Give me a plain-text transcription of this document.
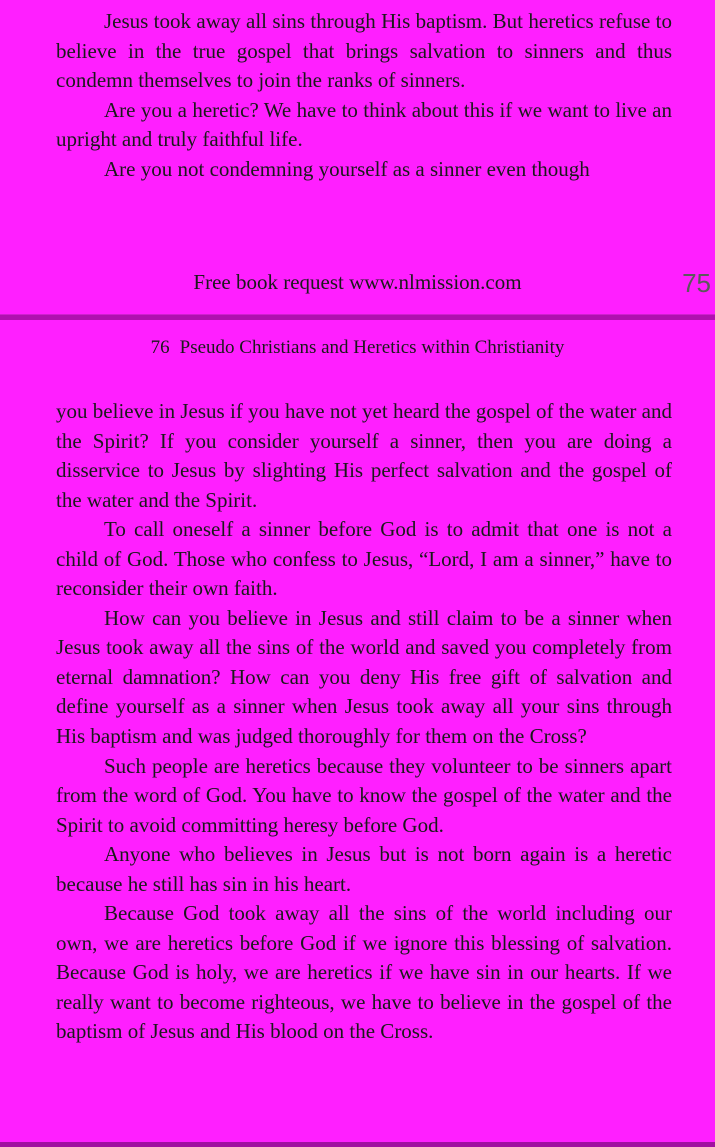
Jesus took away all sins through His baptism. But heretics refuse to believe in the true gospel that brings salvation to sinners and thus condemn themselves to join the ranks of sinners.

Are you a heretic? We have to think about this if we want to live an upright and truly faithful life.

Are you not condemning yourself as a sinner even though

Free book request www.nlmission.com	75
76 Pseudo Christians and Heretics within Christianity

you believe in Jesus if you have not yet heard the gospel of the water and the Spirit? If you consider yourself a sinner, then you are doing a disservice to Jesus by slighting His perfect salvation and the gospel of the water and the Spirit.

To call oneself a sinner before God is to admit that one is not a child of God. Those who confess to Jesus, “Lord, I am a sinner,” have to reconsider their own faith.

How can you believe in Jesus and still claim to be a sinner when Jesus took away all the sins of the world and saved you completely from eternal damnation? How can you deny His free gift of salvation and define yourself as a sinner when Jesus took away all your sins through His baptism and was judged thoroughly for them on the Cross?

Such people are heretics because they volunteer to be sinners apart from the word of God. You have to know the gospel of the water and the Spirit to avoid committing heresy before God.

Anyone who believes in Jesus but is not born again is a heretic because he still has sin in his heart.

Because God took away all the sins of the world including our own, we are heretics before God if we ignore this blessing of salvation. Because God is holy, we are heretics if we have sin in our hearts. If we really want to become righteous, we have to believe in the gospel of the baptism of Jesus and His blood on the Cross.
